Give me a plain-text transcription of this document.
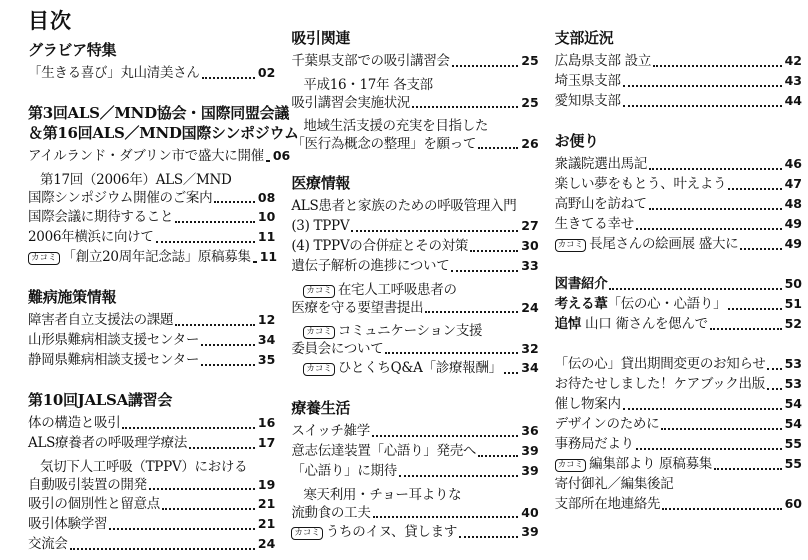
目次
グラビア特集
「生きる喜び」丸山清美さん	02
第3回ALS／MND協会・国際同盟会議
＆第16回ALS／MND国際シンポジウム
アイルランド・ダブリン市で盛大に開催 06
第17回（2006年）ALS／MND
国際シンポジウム開催のご案内	08
国際会議に期待すること	10
2006年横浜に向けて	11
カコミ 「創立20周年記念誌」原稿募集 11
難病施策情報
障害者自立支援法の課題	12
山形県難病相談支援センター	34
静岡県難病相談支援センター	35
第10回JALSA講習会
体の構造と吸引	16
ALS療養者の呼吸理学療法	17
気切下人工呼吸（TPPV）における
自動吸引装置の開発	19
吸引の個別性と留意点	21
吸引体験学習	21
交流会	24
吸引関連
千葉県支部での吸引講習会	25
平成16・17年 各支部
吸引講習会実施状況	25
地域生活支援の充実を目指した
「医行為概念の整理」を願って	26
医療情報
ALS患者と家族のための呼吸管理入門
(3) TPPV	27
(4) TPPVの合併症とその対策	30
遺伝子解析の進捗について	33
カコミ 在宅人工呼吸患者の
医療を守る要望書提出	24
カコミ コミュニケーション支援
委員会について	32
カコミ ひとくちQ&A「診療報酬」 34
療養生活
スイッチ雑学	36
意志伝達装置「心語り」発売へ	39
「心語り」に期待	39
寒天利用・チョー耳よりな
流動食の工夫	40
カコミ うちのイヌ、貸します	39
支部近況
広島県支部 設立	42
埼玉県支部	43
愛知県支部	44
お便り
衆議院選出馬記	46
楽しい夢をもとう、叶えよう	47
高野山を訪ねて	48
生きてる幸せ	49
カコミ 長尾さんの絵画展 盛大に	49
図書紹介	50
考える葦「伝の心・心語り」	51
追悼 山口 衛さんを偲んで	52
「伝の心」貸出期間変更のお知らせ 53
お待たせしました！ケアブック出版 53
催し物案内	54
デザインのために	54
事務局だより	55
カコミ 編集部より 原稿募集	55
寄付御礼／編集後記
支部所在地連絡先	60
